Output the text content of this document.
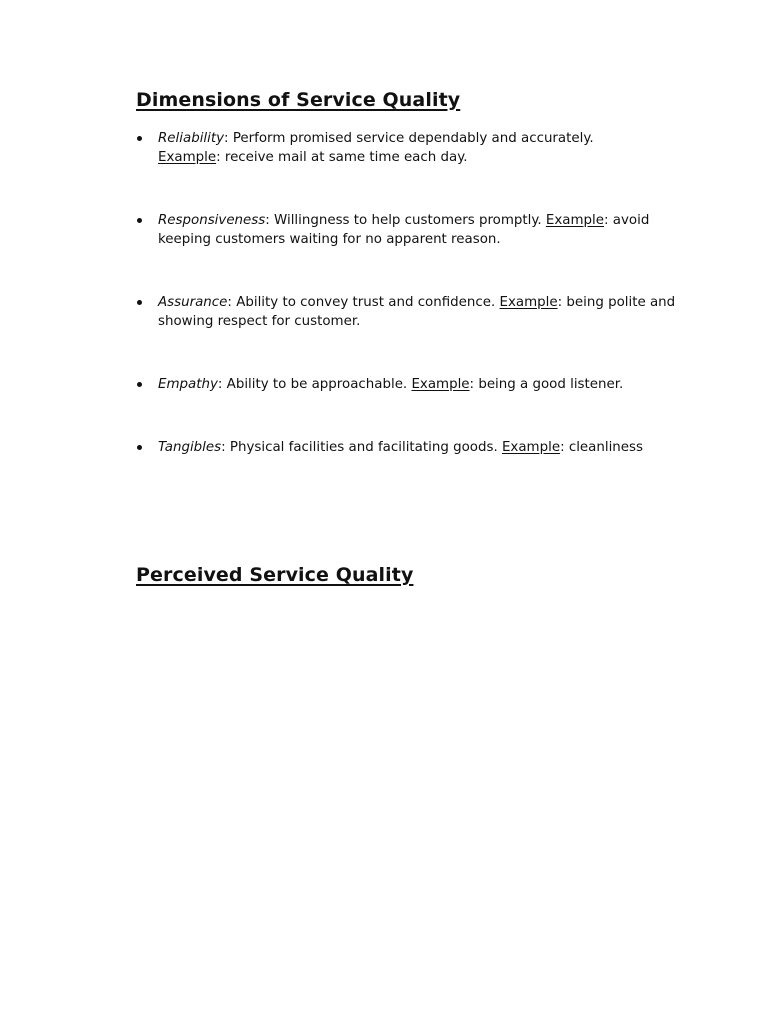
Dimensions of Service Quality
Reliability: Perform promised service dependably and accurately.
Example: receive mail at same time each day.
Responsiveness: Willingness to help customers promptly. Example: avoid keeping customers waiting for no apparent reason.
Assurance: Ability to convey trust and confidence. Example: being polite and showing respect for customer.
Empathy: Ability to be approachable. Example: being a good listener.
Tangibles: Physical facilities and facilitating goods. Example: cleanliness
Perceived Service Quality
